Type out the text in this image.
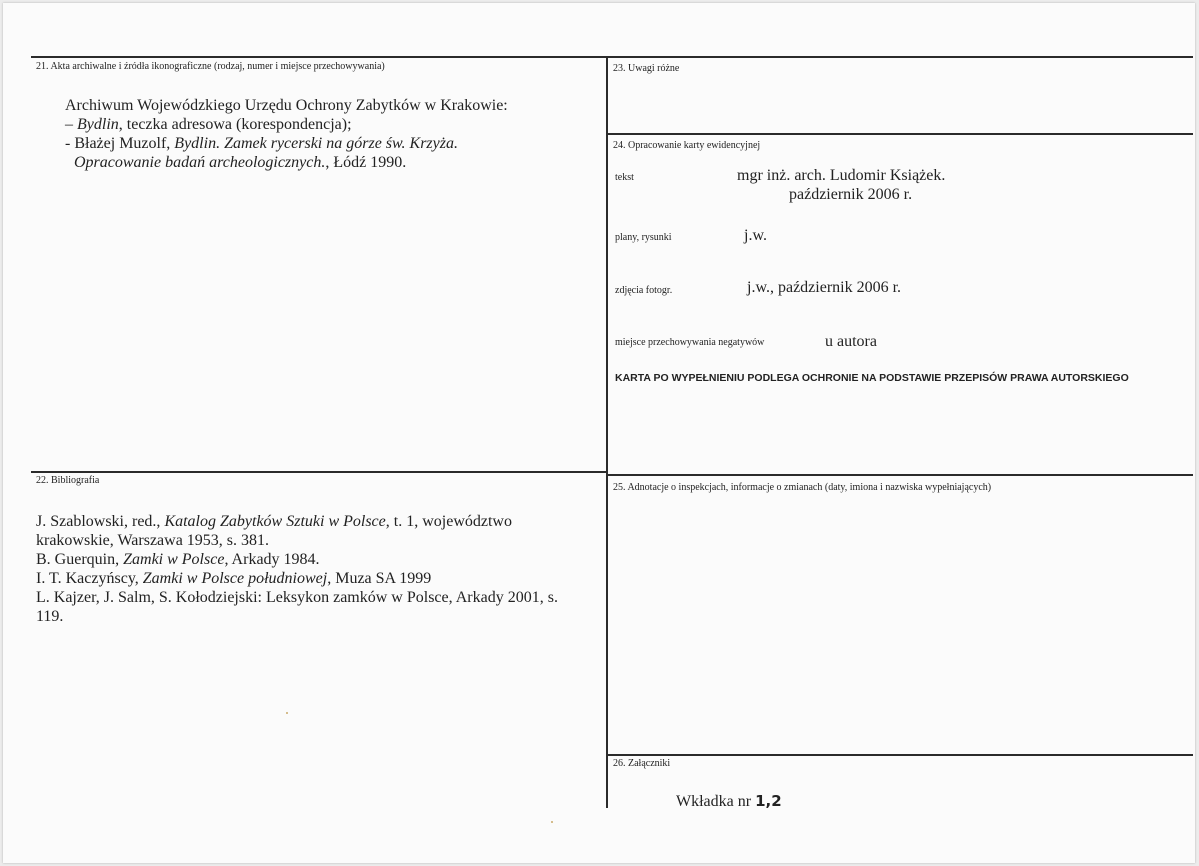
21. Akta archiwalne i źródła ikonograficzne (rodzaj, numer i miejsce przechowywania)
Archiwum Wojewódzkiego Urzędu Ochrony Zabytków w Krakowie:
– Bydlin, teczka adresowa (korespondencja);
- Błażej Muzolf, Bydlin. Zamek rycerski na górze św. Krzyża.
Opracowanie badań archeologicznych., Łódź 1990.
22. Bibliografia
J. Szablowski, red., Katalog Zabytków Sztuki w Polsce, t. 1, województwo
krakowskie, Warszawa 1953, s. 381.
B. Guerquin, Zamki w Polsce, Arkady 1984.
I. T. Kaczyńscy, Zamki w Polsce południowej, Muza SA 1999
L. Kajzer, J. Salm, S. Kołodziejski: Leksykon zamków w Polsce, Arkady 2001, s.
119.
23. Uwagi różne
24. Opracowanie karty ewidencyjnej
tekst	mgr inż. arch. Ludomir Książek.
październik 2006 r.
plany, rysunki	j.w.
zdjęcia fotogr.	j.w., październik 2006 r.
miejsce przechowywania negatywów	u autora
KARTA PO WYPEŁNIENIU PODLEGA OCHRONIE NA PODSTAWIE PRZEPISÓW PRAWA AUTORSKIEGO
25. Adnotacje o inspekcjach, informacje o zmianach (daty, imiona i nazwiska wypełniających)
26. Załączniki
Wkładka nr 1,2
